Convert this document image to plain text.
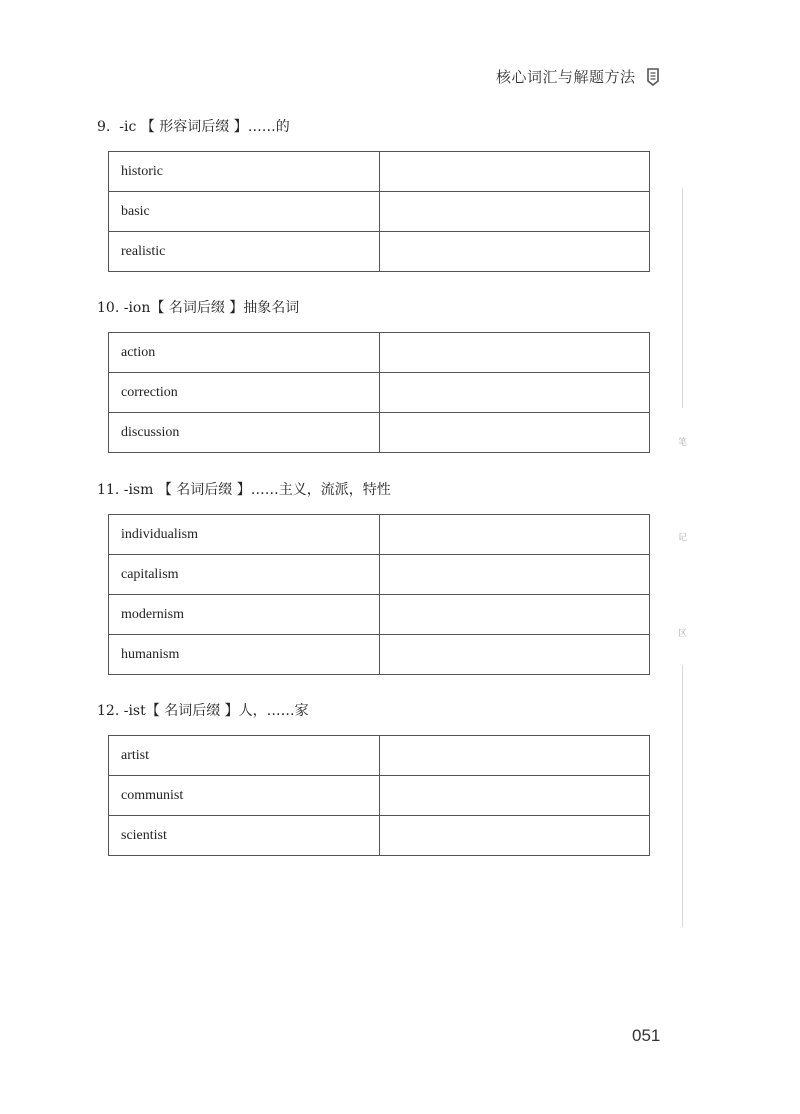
核心词汇与解题方法
9. -ic 【 形容词后缀 】……的
historic	
basic	
realistic	
10. -ion【 名词后缀 】抽象名词
action	
correction	
discussion	
11. -ism 【 名词后缀 】……主义，流派，特性
individualism	
capitalism	
modernism	
humanism	
12. -ist【 名词后缀 】人，……家
artist	
communist	
scientist	
笔
记
区
051
